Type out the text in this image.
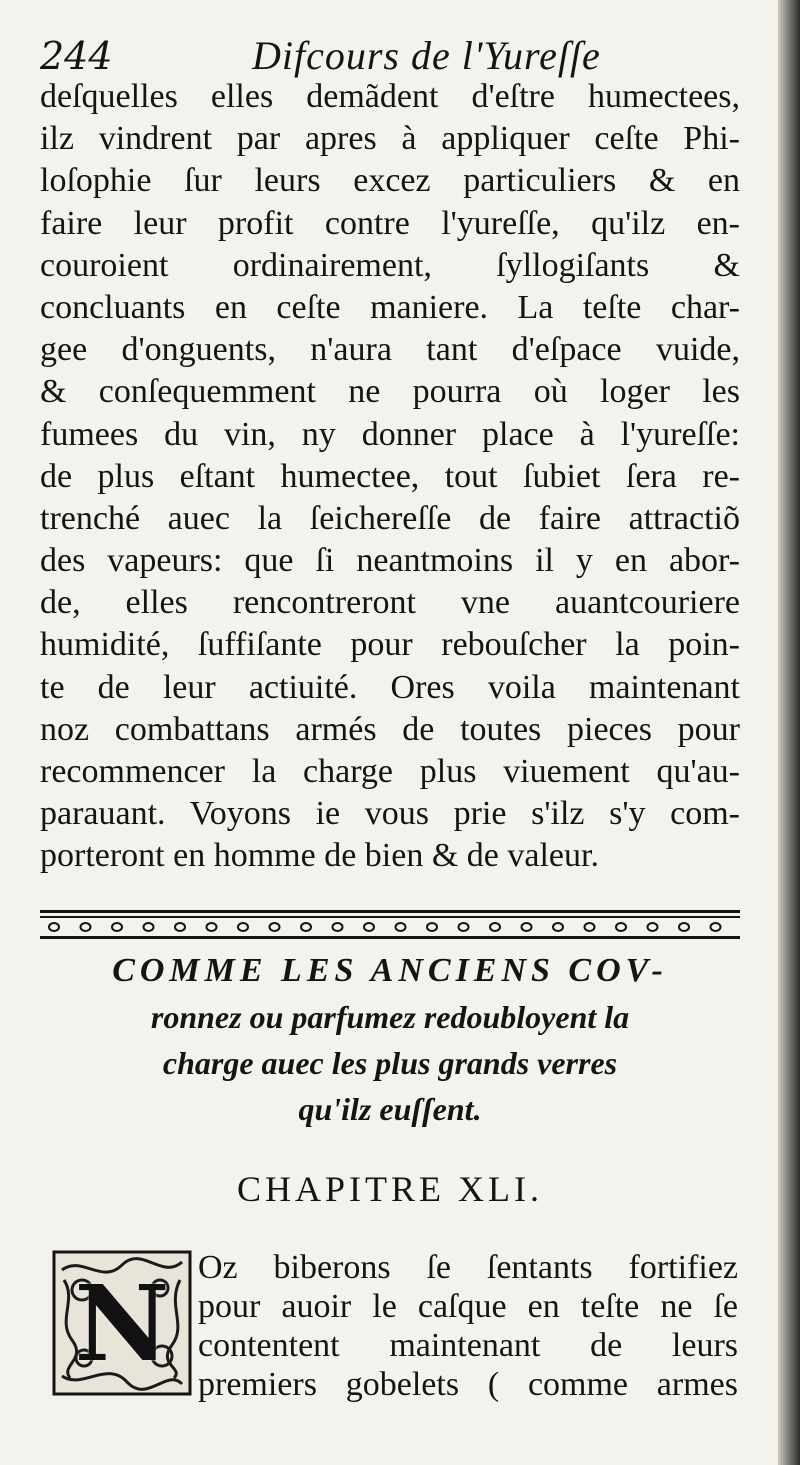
244	Difcours de l'Yureſſe
deſquelles elles demãdent d'eſtre humectees,
ilz vindrent par apres à appliquer ceſte Phi-
loſophie ſur leurs excez particuliers & en
faire leur profit contre l'yureſſe, qu'ilz en-
couroient ordinairement, ſyllogiſants &
concluants en ceſte maniere. La teſte char-
gee d'onguents, n'aura tant d'eſpace vuide,
& conſequemment ne pourra où loger les
fumees du vin, ny donner place à l'yureſſe:
de plus eſtant humectee, tout ſubiet ſera re-
trenché auec la ſeichereſſe de faire attractiõ
des vapeurs: que ſi neantmoins il y en abor-
de, elles rencontreront vne auantcouriere
humidité, ſuffiſante pour rebouſcher la poin-
te de leur actiuité. Ores voila maintenant
noz combattans armés de toutes pieces pour
recommencer la charge plus viuement qu'au-
parauant. Voyons ie vous prie s'ilz s'y com-
porteront en homme de bien & de valeur.
COMME LES ANCIENS COV-
ronnez ou parfumez redoubloyent la
charge auec les plus grands verres
qu'ilz euſſent.
CHAPITRE XLI.
N Oz biberons ſe ſentants fortifiez
pour auoir le caſque en teſte ne ſe
contentent maintenant de leurs
premiers gobelets ( comme armes
